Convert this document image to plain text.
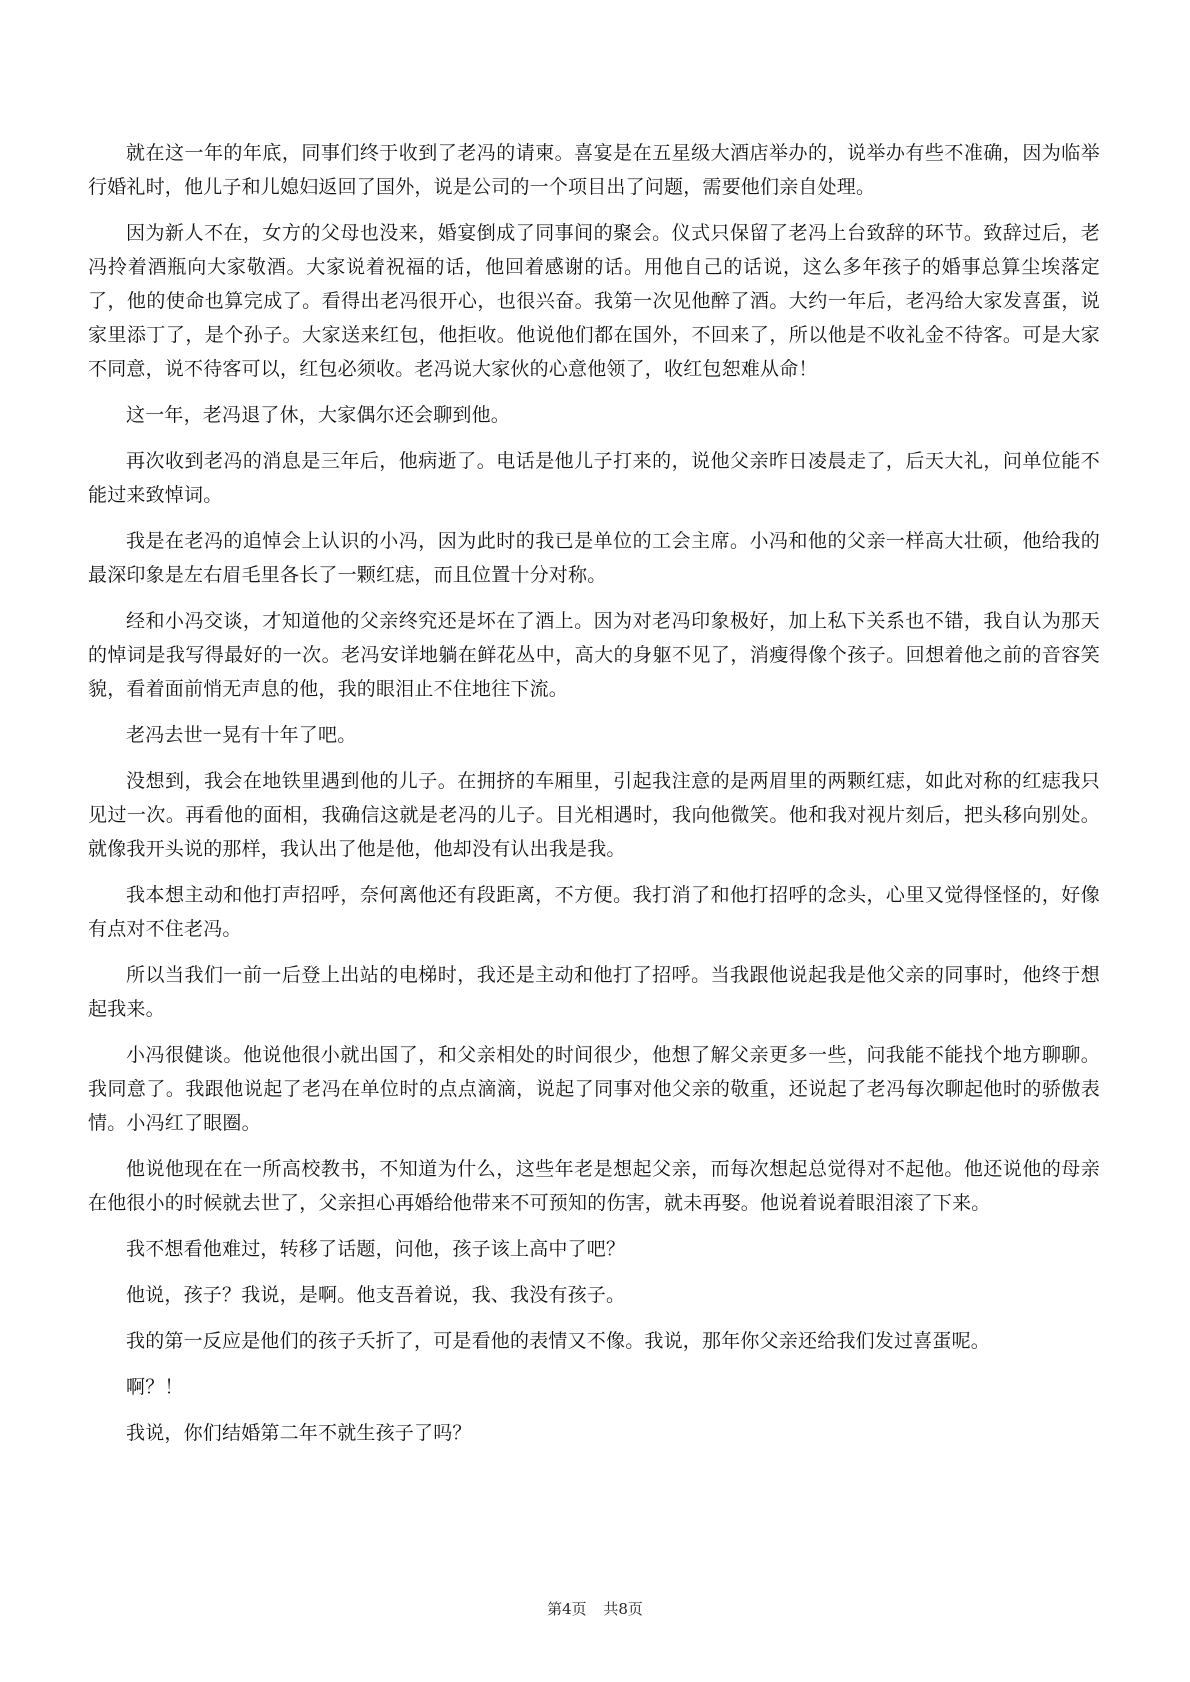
就在这一年的年底，同事们终于收到了老冯的请柬。喜宴是在五星级大酒店举办的，说举办有些不准确，因为临举行婚礼时，他儿子和儿媳妇返回了国外，说是公司的一个项目出了问题，需要他们亲自处理。

因为新人不在，女方的父母也没来，婚宴倒成了同事间的聚会。仪式只保留了老冯上台致辞的环节。致辞过后，老冯拎着酒瓶向大家敬酒。大家说着祝福的话，他回着感谢的话。用他自己的话说，这么多年孩子的婚事总算尘埃落定了，他的使命也算完成了。看得出老冯很开心，也很兴奋。我第一次见他醉了酒。大约一年后，老冯给大家发喜蛋，说家里添丁了，是个孙子。大家送来红包，他拒收。他说他们都在国外，不回来了，所以他是不收礼金不待客。可是大家不同意，说不待客可以，红包必须收。老冯说大家伙的心意他领了，收红包恕难从命！

这一年，老冯退了休，大家偶尔还会聊到他。

再次收到老冯的消息是三年后，他病逝了。电话是他儿子打来的，说他父亲昨日凌晨走了，后天大礼，问单位能不能过来致悼词。

我是在老冯的追悼会上认识的小冯，因为此时的我已是单位的工会主席。小冯和他的父亲一样高大壮硕，他给我的最深印象是左右眉毛里各长了一颗红痣，而且位置十分对称。

经和小冯交谈，才知道他的父亲终究还是坏在了酒上。因为对老冯印象极好，加上私下关系也不错，我自认为那天的悼词是我写得最好的一次。老冯安详地躺在鲜花丛中，高大的身躯不见了，消瘦得像个孩子。回想着他之前的音容笑貌，看着面前悄无声息的他，我的眼泪止不住地往下流。

老冯去世一晃有十年了吧。

没想到，我会在地铁里遇到他的儿子。在拥挤的车厢里，引起我注意的是两眉里的两颗红痣，如此对称的红痣我只见过一次。再看他的面相，我确信这就是老冯的儿子。目光相遇时，我向他微笑。他和我对视片刻后，把头移向别处。就像我开头说的那样，我认出了他是他，他却没有认出我是我。

我本想主动和他打声招呼，奈何离他还有段距离，不方便。我打消了和他打招呼的念头，心里又觉得怪怪的，好像有点对不住老冯。

所以当我们一前一后登上出站的电梯时，我还是主动和他打了招呼。当我跟他说起我是他父亲的同事时，他终于想起我来。

小冯很健谈。他说他很小就出国了，和父亲相处的时间很少，他想了解父亲更多一些，问我能不能找个地方聊聊。我同意了。我跟他说起了老冯在单位时的点点滴滴，说起了同事对他父亲的敬重，还说起了老冯每次聊起他时的骄傲表情。小冯红了眼圈。

他说他现在在一所高校教书，不知道为什么，这些年老是想起父亲，而每次想起总觉得对不起他。他还说他的母亲在他很小的时候就去世了，父亲担心再婚给他带来不可预知的伤害，就未再娶。他说着说着眼泪滚了下来。

我不想看他难过，转移了话题，问他，孩子该上高中了吧？

他说，孩子？我说，是啊。他支吾着说，我、我没有孩子。

我的第一反应是他们的孩子夭折了，可是看他的表情又不像。我说，那年你父亲还给我们发过喜蛋呢。

啊？！

我说，你们结婚第二年不就生孩子了吗？

第4页 共8页
